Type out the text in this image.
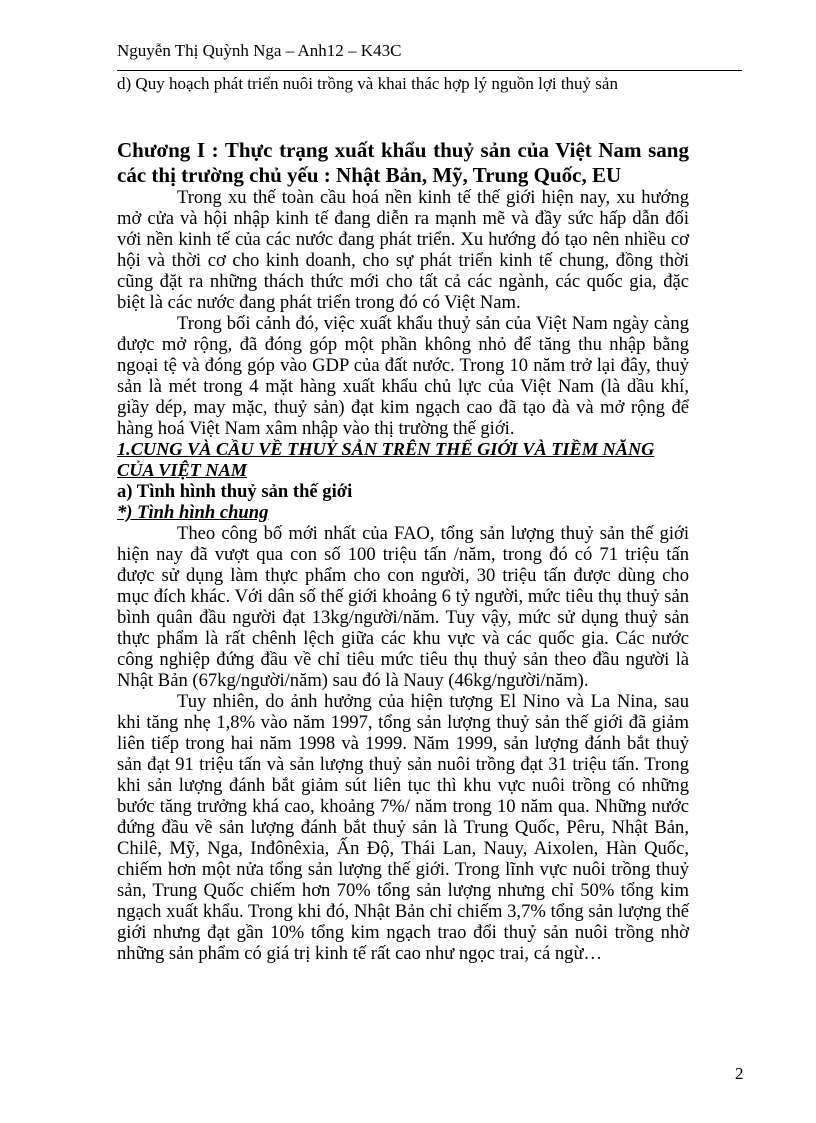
Nguyễn Thị Quỳnh Nga – Anh12 – K43C
d) Quy hoạch phát triển nuôi trồng và khai thác hợp lý nguồn lợi thuỷ sản
Chương I : Thực trạng xuất khẩu thuỷ sản của Việt Nam sang các thị trường chủ yếu : Nhật Bản, Mỹ, Trung Quốc, EU

Trong xu thế toàn cầu hoá nền kinh tế thế giới hiện nay, xu hướng mở cửa và hội nhập kinh tế đang diễn ra mạnh mẽ và đầy sức hấp dẫn đối với nền kinh tế của các nước đang phát triển. Xu hướng đó tạo nên nhiều cơ hội và thời cơ cho kinh doanh, cho sự phát triển kinh tế chung, đồng thời cũng đặt ra những thách thức mới cho tất cả các ngành, các quốc gia, đặc biệt là các nước đang phát triển trong đó có Việt Nam.

Trong bối cảnh đó, việc xuất khẩu thuỷ sản của Việt Nam ngày càng được mở rộng, đã đóng góp một phần không nhỏ để tăng thu nhập bằng ngoại tệ và đóng góp vào GDP của đất nước. Trong 10 năm trở lại đây, thuỷ sản là mét trong 4 mặt hàng xuất khẩu chủ lực của Việt Nam (là dầu khí, giầy dép, may mặc, thuỷ sản) đạt kim ngạch cao đã tạo đà và mở rộng để hàng hoá Việt Nam xâm nhập vào thị trường thế giới.

1.CUNG VÀ CẦU VỀ THUỶ SẢN TRÊN THẾ GIỚI VÀ TIỀM NĂNG CỦA VIỆT NAM
a) Tình hình thuỷ sản thế giới
*) Tình hình chung

Theo công bố mới nhất của FAO, tổng sản lượng thuỷ sản thế giới hiện nay đã vượt qua con số 100 triệu tấn /năm, trong đó có 71 triệu tấn được sử dụng làm thực phẩm cho con người, 30 triệu tấn được dùng cho mục đích khác. Với dân số thế giới khoảng 6 tỷ người, mức tiêu thụ thuỷ sản bình quân đầu người đạt 13kg/người/năm. Tuy vậy, mức sử dụng thuỷ sản thực phẩm là rất chênh lệch giữa các khu vực và các quốc gia. Các nước công nghiệp đứng đầu về chỉ tiêu mức tiêu thụ thuỷ sản theo đầu người là Nhật Bản (67kg/người/năm) sau đó là Nauy (46kg/người/năm).

Tuy nhiên, do ảnh hưởng của hiện tượng El Nino và La Nina, sau khi tăng nhẹ 1,8% vào năm 1997, tổng sản lượng thuỷ sản thế giới đã giảm liên tiếp trong hai năm 1998 và 1999. Năm 1999, sản lượng đánh bắt thuỷ sản đạt 91 triệu tấn và sản lượng thuỷ sản nuôi trồng đạt 31 triệu tấn. Trong khi sản lượng đánh bắt giảm sút liên tục thì khu vực nuôi trồng có những bước tăng trưởng khá cao, khoảng 7%/ năm trong 10 năm qua. Những nước đứng đầu về sản lượng đánh bắt thuỷ sản là Trung Quốc, Pêru, Nhật Bản, Chilê, Mỹ, Nga, Inđônêxia, Ấn Độ, Thái Lan, Nauy, Aixolen, Hàn Quốc, chiếm hơn một nửa tổng sản lượng thế giới. Trong lĩnh vực nuôi trồng thuỷ sản, Trung Quốc chiếm hơn 70% tổng sản lượng nhưng chỉ 50% tổng kim ngạch xuất khẩu. Trong khi đó, Nhật Bản chỉ chiếm 3,7% tổng sản lượng thế giới nhưng đạt gần 10% tổng kim ngạch trao đổi thuỷ sản nuôi trồng nhờ những sản phẩm có giá trị kinh tế rất cao như ngọc trai, cá ngừ…

2
